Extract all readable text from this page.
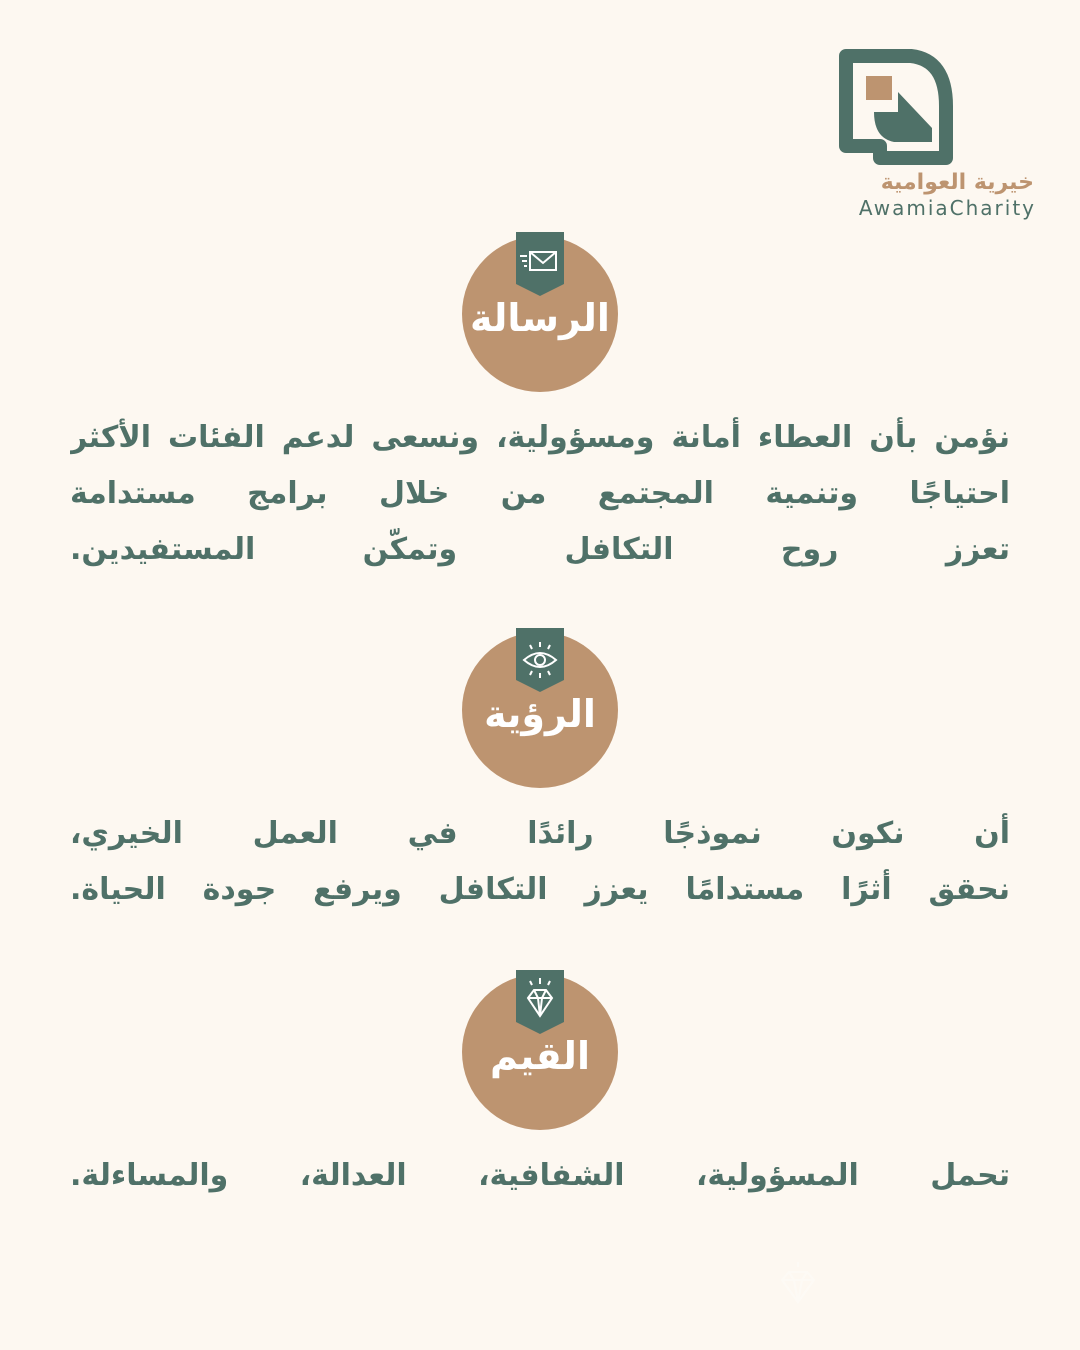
خيرية العوامية
AwamiaCharity
الرسالة
نؤمن بأن العطاء أمانة ومسؤولية، ونسعى لدعم الفئات الأكثر
احتياجًا وتنمية المجتمع من خلال برامج مستدامة
تعزز روح التكافل وتمكّن المستفيدين.
الرؤية
أن نكون نموذجًا رائدًا في العمل الخيري،
نحقق أثرًا مستدامًا يعزز التكافل ويرفع جودة الحياة.
القيم
تحمل المسؤولية، الشفافية، العدالة، والمساءلة.
